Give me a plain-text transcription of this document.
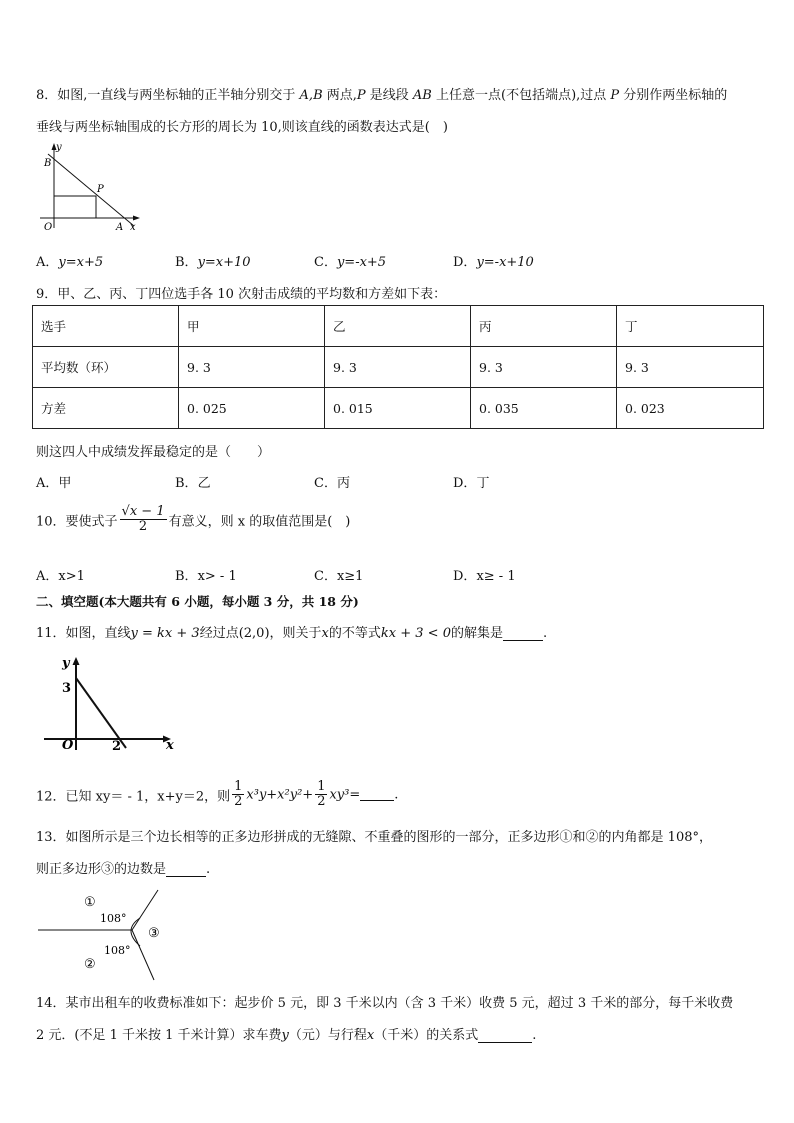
8．如图,一直线与两坐标轴的正半轴分别交于 A,B 两点,P 是线段 AB 上任意一点(不包括端点),过点 P 分别作两坐标轴的
垂线与两坐标轴围成的长方形的周长为 10,则该直线的函数表达式是(　)
y
B
P
O	A x
A．y=x+5	B．y=x+10	C．y=-x+5	D．y=-x+10
9．甲、乙、丙、丁四位选手各 10 次射击成绩的平均数和方差如下表：
选手	甲	乙	丙	丁
平均数（环）	9. 3	9. 3	9. 3	9. 3
方差	0. 025	0. 015	0. 035	0. 023
则这四人中成绩发挥最稳定的是（　　）
A．甲	B．乙	C．丙	D．丁
10．要使式子 $\frac{√x - 1}{2}$ 有意义，则 x 的取值范围是(　)
A．x>1	B．x> - 1	C．x≥1	D．x≥ - 1
二、填空题(本大题共有 6 小题，每小题 3 分，共 18 分)
11．如图，直线y = kx + 3经过点(2,0)，则关于x的不等式kx + 3 < 0的解集是	.
y
3
O	2	x
12．已知 xy＝ - 1，x+y＝2，则 $\frac{1}{2} x^3y+x^2y^2+ \frac{1}{2} xy^3=$	.
13．如图所示是三个边长相等的正多边形拼成的无缝隙、不重叠的图形的一部分，正多边形①和②的内角都是 108°，
则正多边形③的边数是	.
①
108°
108°
②
③
14．某市出租车的收费标准如下：起步价 5 元，即 3 千米以内（含 3 千米）收费 5 元，超过 3 千米的部分，每千米收费
2 元．(不足 1 千米按 1 千米计算）求车费y（元）与行程x（千米）的关系式	.
